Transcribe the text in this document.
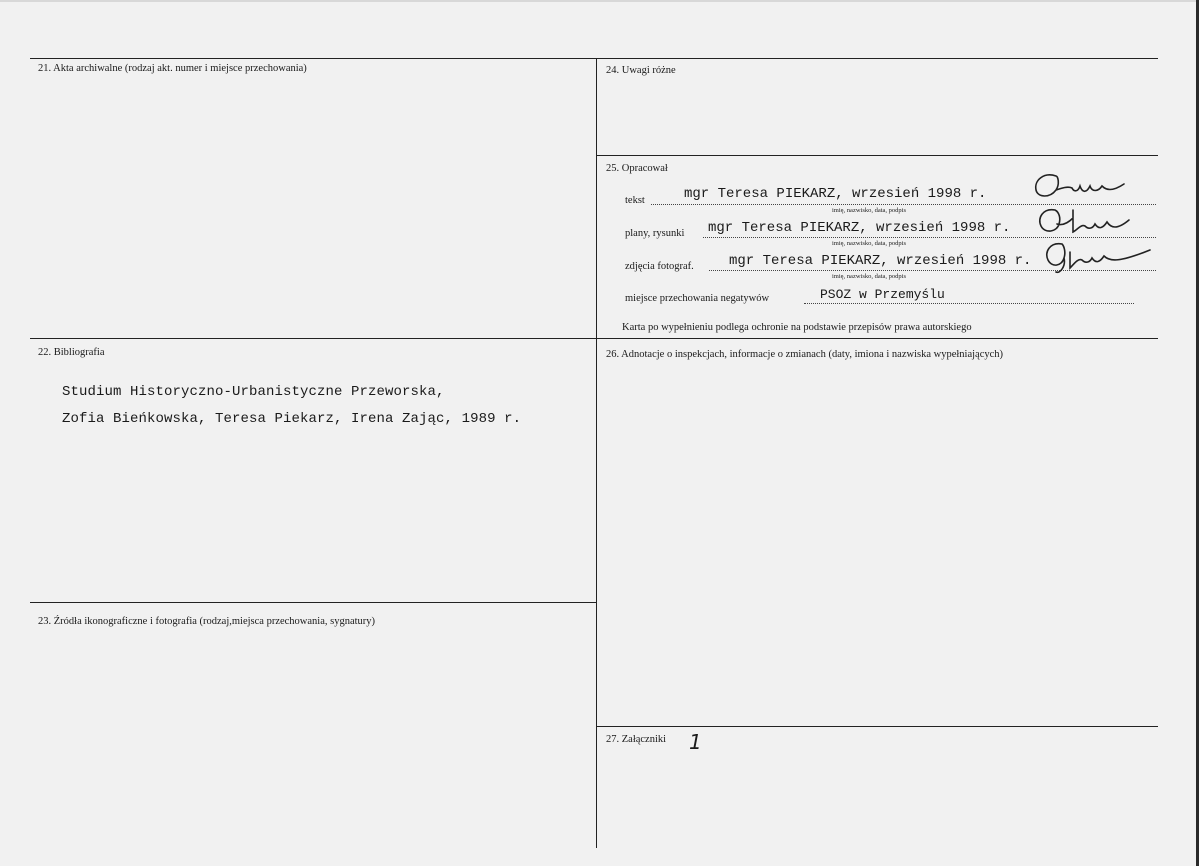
21. Akta archiwalne (rodzaj akt. numer i miejsce przechowania)	24. Uwagi różne
25. Opracował
tekst	mgr Teresa PIEKARZ, wrzesień 1998 r.
imię, nazwisko, data, podpis
plany, rysunki mgr Teresa PIEKARZ, wrzesień 1998 r.
imię, nazwisko, data, podpis
zdjęcia fotograf.	mgr Teresa PIEKARZ, wrzesień 1998 r.
imię, nazwisko, data, podpis
miejsce przechowania negatywów	PSOZ w Przemyślu
Karta po wypełnieniu podlega ochronie na podstawie przepisów prawa autorskiego
22. Bibliografia
Studium Historyczno-Urbanistyczne Przeworska,
Zofia Bieńkowska, Teresa Piekarz, Irena Zając, 1989 r.
26. Adnotacje o inspekcjach, informacje o zmianach (daty, imiona i nazwiska wypełniających)
23. Źródła ikonograficzne i fotografia (rodzaj,miejsca przechowania, sygnatury)
27. Załączniki 1
